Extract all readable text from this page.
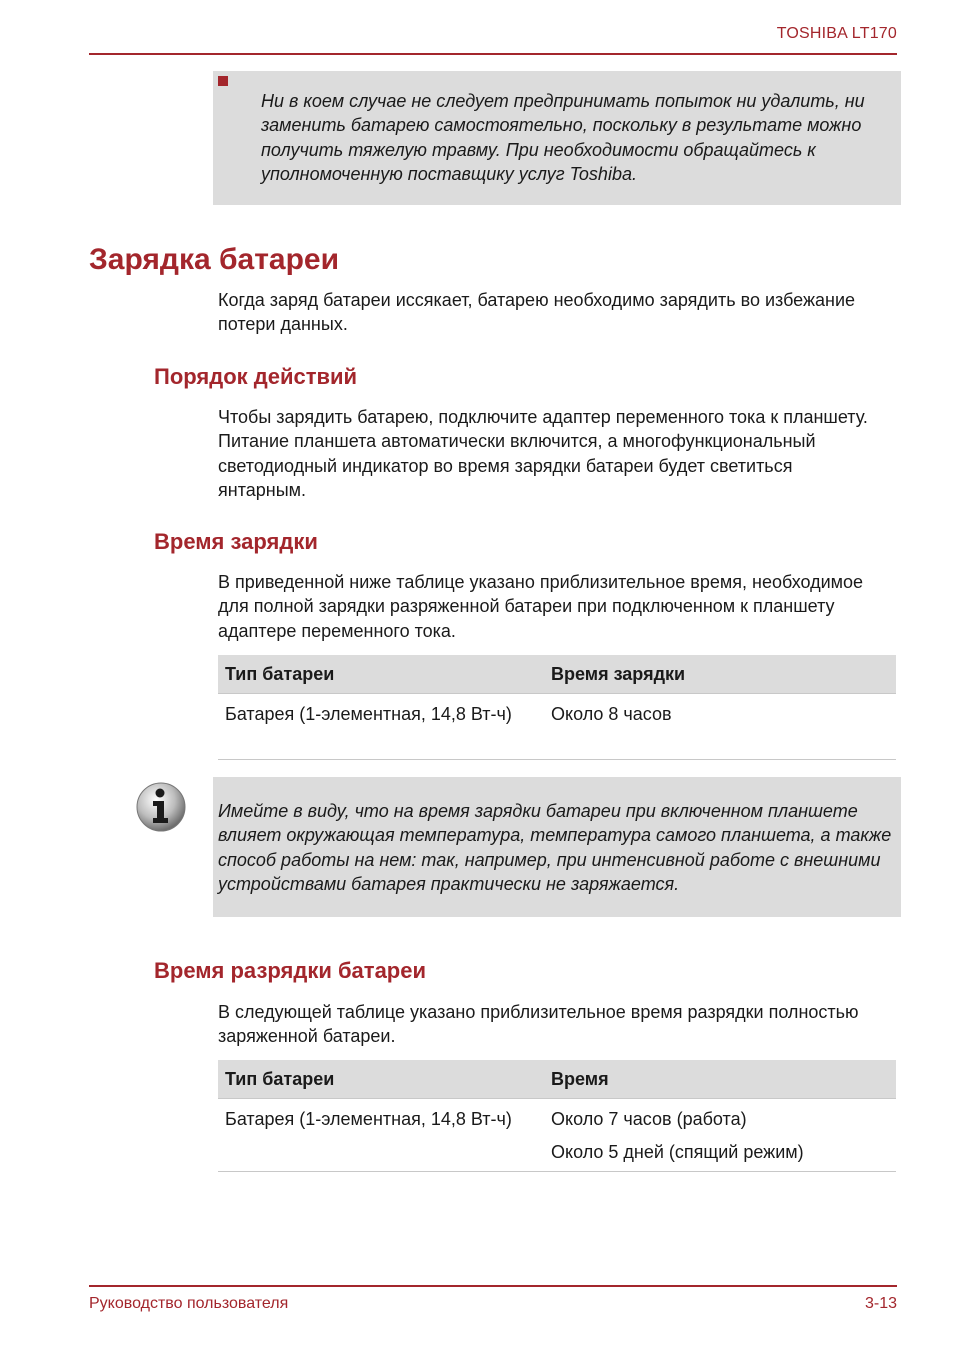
TOSHIBA LT170

Ни в коем случае не следует предпринимать попыток ни удалить, ни заменить батарею самостоятельно, поскольку в результате можно получить тяжелую травму. При необходимости обращайтесь к уполномоченную поставщику услуг Toshiba.

Зарядка батареи

Когда заряд батареи иссякает, батарею необходимо зарядить во избежание потери данных.

Порядок действий

Чтобы зарядить батарею, подключите адаптер переменного тока к планшету. Питание планшета автоматически включится, а многофункциональный светодиодный индикатор во время зарядки батареи будет светиться янтарным.

Время зарядки

В приведенной ниже таблице указано приблизительное время, необходимое для полной зарядки разряженной батареи при подключенном к планшету адаптере переменного тока.

Тип батареи	Время зарядки
Батарея (1-элементная, 14,8 Вт-ч)	Около 8 часов

Имейте в виду, что на время зарядки батареи при включенном планшете влияет окружающая температура, температура самого планшета, а также способ работы на нем: так, например, при интенсивной работе с внешними устройствами батарея практически не заряжается.

Время разрядки батареи

В следующей таблице указано приблизительное время разрядки полностью заряженной батареи.

Тип батареи	Время
Батарея (1-элементная, 14,8 Вт-ч)	Около 7 часов (работа)
Около 5 дней (спящий режим)
Руководство пользователя	3-13
